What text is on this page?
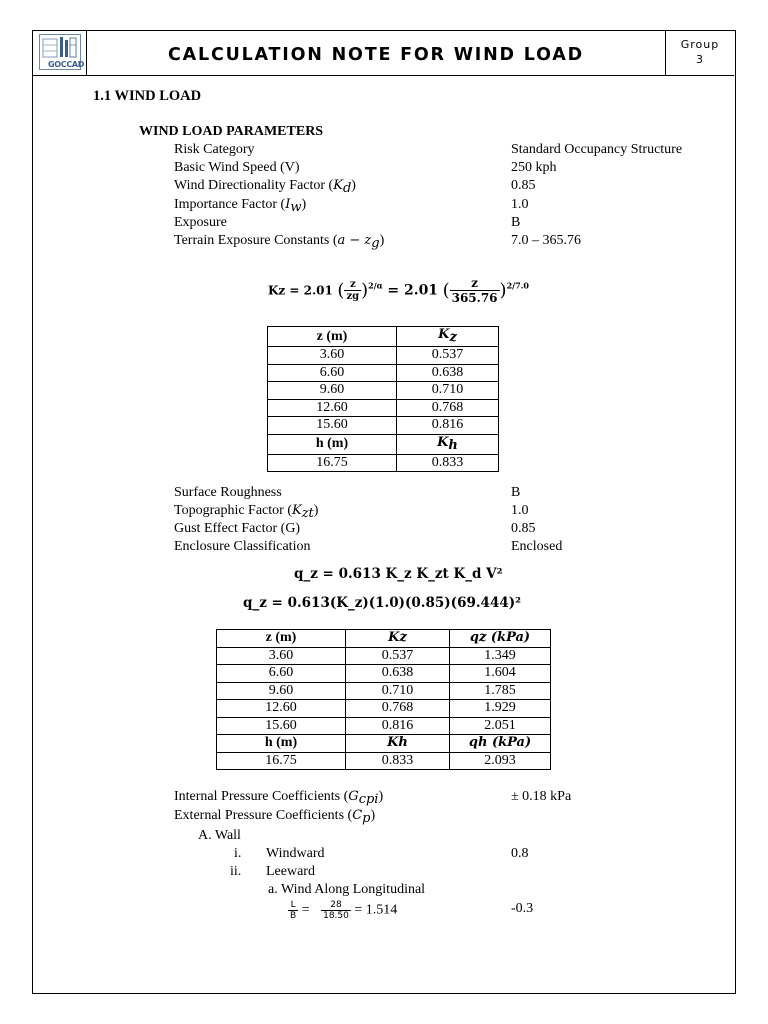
GOCCAD	CALCULATION NOTE FOR WIND LOAD
Group
3
1.1 WIND LOAD
WIND LOAD PARAMETERS
Risk Category	Standard Occupancy Structure
Basic Wind Speed (V)	250 kph
Wind Directionality Factor $(K_d)$	0.85
Importance Factor $(I_w)$	1.0
Exposure	B
Terrain Exposure Constants $(a - z_g)$	7.0 – 365.76
Kz = 2.01 ( $\frac{z}{zg} )^{2/\alpha} = 2.01$ ( $\frac{z}{365.76} )^{2/7.0}$
z (m)	$K_z$
3.60	0.537
6.60	0.638
9.60	0.710
12.60	0.768
15.60	0.816
h (m)	$K_h$
16.75	0.833
Surface Roughness	B
Topographic Factor $(K_{zt})$	1.0
Gust Effect Factor (G)	0.85
Enclosure Classification	Enclosed
q_z = 0.613 K_z K_zt K_d V²
q_z = 0.613(K_z)(1.0)(0.85)(69.444)²
z (m)	Kz	qz (kPa)
3.60	0.537	1.349
6.60	0.638	1.604
9.60	0.710	1.785
12.60	0.768	1.929
15.60	0.816	2.051
h (m)	Kh	qh (kPa)
16.75	0.833	2.093
Internal Pressure Coefficients $(G_{cpi})$	± 0.18 kPa
External Pressure Coefficients $(C_p)$
A. Wall
i. Windward	0.8
ii. Leeward
a. Wind Along Longitudinal
$\frac{L}{B} = \frac{28}{18.50} = 1.514$	-0.3
